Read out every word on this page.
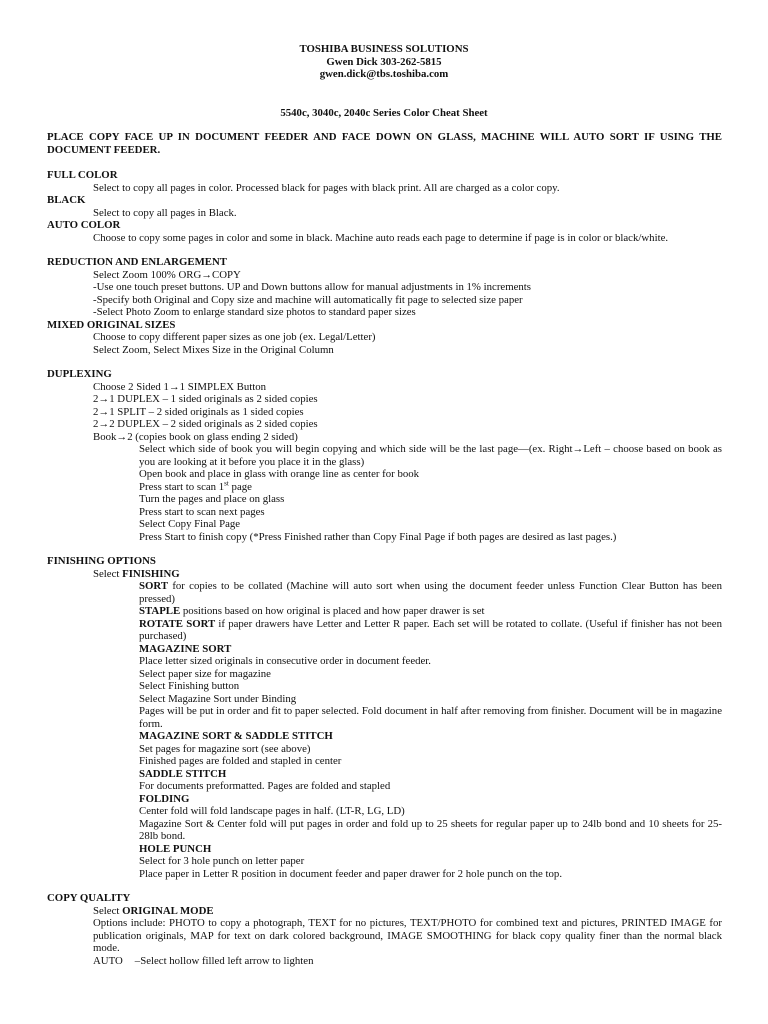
TOSHIBA BUSINESS SOLUTIONS
Gwen Dick 303-262-5815
gwen.dick@tbs.toshiba.com
5540c, 3040c, 2040c Series Color Cheat Sheet
PLACE COPY FACE UP IN DOCUMENT FEEDER AND FACE DOWN ON GLASS, MACHINE WILL AUTO SORT IF USING THE DOCUMENT FEEDER.
FULL COLOR
Select to copy all pages in color. Processed black for pages with black print. All are charged as a color copy.
BLACK
Select to copy all pages in Black.
AUTO COLOR
Choose to copy some pages in color and some in black. Machine auto reads each page to determine if page is in color or black/white.
REDUCTION AND ENLARGEMENT
Select Zoom 100% ORG→COPY
-Use one touch preset buttons. UP and Down buttons allow for manual adjustments in 1% increments
-Specify both Original and Copy size and machine will automatically fit page to selected size paper
-Select Photo Zoom to enlarge standard size photos to standard paper sizes
MIXED ORIGINAL SIZES
Choose to copy different paper sizes as one job (ex. Legal/Letter)
Select Zoom, Select Mixes Size in the Original Column
DUPLEXING
Choose 2 Sided 1→1 SIMPLEX Button
2→1 DUPLEX – 1 sided originals as 2 sided copies
2→1 SPLIT – 2 sided originals as 1 sided copies
2→2 DUPLEX – 2 sided originals as 2 sided copies
Book→2 (copies book on glass ending 2 sided)
Select which side of book you will begin copying and which side will be the last page—(ex. Right→Left – choose based on book as you are looking at it before you place it in the glass)
Open book and place in glass with orange line as center for book
Press start to scan 1st page
Turn the pages and place on glass
Press start to scan next pages
Select Copy Final Page
Press Start to finish copy (*Press Finished rather than Copy Final Page if both pages are desired as last pages.)
FINISHING OPTIONS
Select FINISHING
SORT for copies to be collated (Machine will auto sort when using the document feeder unless Function Clear Button has been pressed)
STAPLE positions based on how original is placed and how paper drawer is set
ROTATE SORT if paper drawers have Letter and Letter R paper. Each set will be rotated to collate. (Useful if finisher has not been purchased)
MAGAZINE SORT
Place letter sized originals in consecutive order in document feeder.
Select paper size for magazine
Select Finishing button
Select Magazine Sort under Binding
Pages will be put in order and fit to paper selected. Fold document in half after removing from finisher. Document will be in magazine form.
MAGAZINE SORT & SADDLE STITCH
Set pages for magazine sort (see above)
Finished pages are folded and stapled in center
SADDLE STITCH
For documents preformatted. Pages are folded and stapled
FOLDING
Center fold will fold landscape pages in half. (LT-R, LG, LD)
Magazine Sort & Center fold will put pages in order and fold up to 25 sheets for regular paper up to 24lb bond and 10 sheets for 25-28lb bond.
HOLE PUNCH
Select for 3 hole punch on letter paper
Place paper in Letter R position in document feeder and paper drawer for 2 hole punch on the top.
COPY QUALITY
Select ORIGINAL MODE
Options include: PHOTO to copy a photograph, TEXT for no pictures, TEXT/PHOTO for combined text and pictures, PRINTED IMAGE for publication originals, MAP for text on dark colored background, IMAGE SMOOTHING for black copy quality finer than the normal black mode.
AUTO –Select hollow filled left arrow to lighten
